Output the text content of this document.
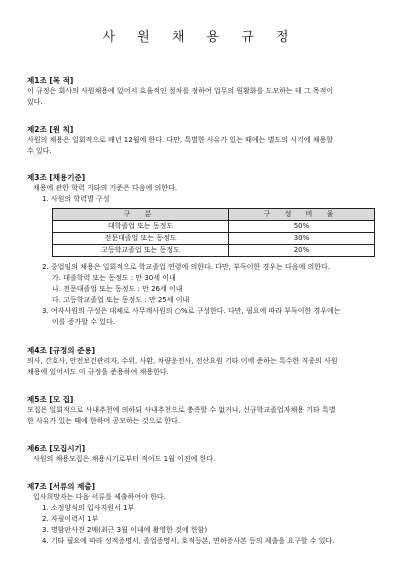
사 원 채 용 규 정
제1조 [목 적]
이 규정은 회사의 사원채용에 있어서 효율적인 절차를 정하여 업무의 원활화를 도모하는 데 그 목적이
있다.
제2조 [원 칙]
사원의 채용은 일회적으로 매년 12월에 한다. 다만, 특별한 사유가 있는 때에는 별도의 시기에 채용할
수 있다.
제3조 [채용기준]
채용에 관한 학력 기타의 기준은 다음에 의한다.
1. 사원의 학력별 구성
구 분	구 성 비 율
대학졸업 또는 동정도	50%
전문대졸업 또는 동정도	30%
고등학교졸업 또는 동정도	20%
2. 중업임의 채용은 일회적으로 학교졸업 연령에 의한다. 다만, 부득이한 경우는 다음에 의한다.
가. 대졸학력 또는 동정도 : 만 30세 이내
나. 전문대졸업 또는 동정도 : 만 26세 이내
다. 고등학교졸업 또는 동정도 : 만 25세 이내
3. 여자사원의 구성은 대체로 사무계사원의 ○%로 구성한다. 다만, 필요에 따라 부득이한 경우에는
이를 증가할 수 있다.
제4조 [규정의 준용]
의사, 간호사, 안전보건관리자, 수위, 사환, 차량운전사, 전산요원 기타 이에 준하는 특수한 직종의 사원
채용에 있어서도 이 규정을 준용하여 채용한다.
제5조 [모 집]
모집은 일회적으로 사내추천에 의하되 사내추천으로 충족할 수 없거나, 신규학교졸업자채용 기타 특별
한 사유가 있는 때에 한하여 공모하는 것으로 한다.
제6조 [모집시기]
사원의 채용모집은 채용시기로부터 적어도 1월 이전에 한다.
제7조 [서류의 제출]
입사희망자는 다음 서류를 제출하여야 한다.
1. 소정양식의 입사지원서 1부
2. 자필이력서 1부
3. 명함판사진 2매(최근 3월 이내에 촬영한 것에 한함)
4. 기타 필요에 따라 성적증명서, 졸업증명서, 호적등본, 면허증사본 등의 제출을 요구할 수 있다.
